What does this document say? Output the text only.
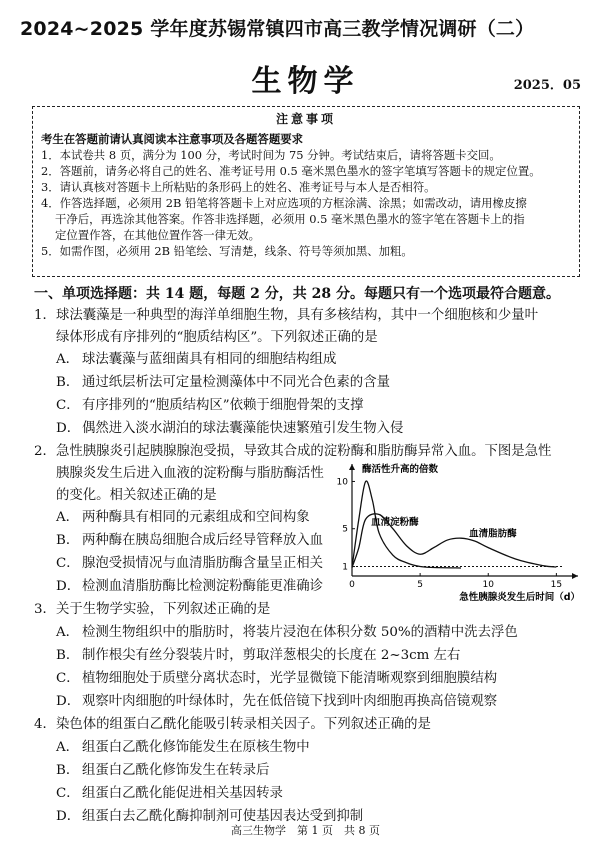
2024~2025 学年度苏锡常镇四市高三教学情况调研（二）
生物学	2025．05
注意事项
考生在答题前请认真阅读本注意事项及各题答题要求
1．本试卷共 8 页，满分为 100 分，考试时间为 75 分钟。考试结束后，请将答题卡交回。
2．答题前，请务必将自己的姓名、准考证号用 0.5 毫米黑色墨水的签字笔填写答题卡的规定位置。
3．请认真核对答题卡上所粘贴的条形码上的姓名、准考证号与本人是否相符。
4．作答选择题，必须用 2B 铅笔将答题卡上对应选项的方框涂满、涂黑；如需改动，请用橡皮擦
干净后，再选涂其他答案。作答非选择题，必须用 0.5 毫米黑色墨水的签字笔在答题卡上的指
定位置作答，在其他位置作答一律无效。
5．如需作图，必须用 2B 铅笔绘、写清楚，线条、符号等须加黑、加粗。
一、单项选择题：共 14 题，每题 2 分，共 28 分。每题只有一个选项最符合题意。
1．球法囊藻是一种典型的海洋单细胞生物，具有多核结构，其中一个细胞核和少量叶
绿体形成有序排列的“胞质结构区”。下列叙述正确的是
A． 球法囊藻与蓝细菌具有相同的细胞结构组成
B． 通过纸层析法可定量检测藻体中不同光合色素的含量
C． 有序排列的“胞质结构区”依赖于细胞骨架的支撑
D． 偶然进入淡水湖泊的球法囊藻能快速繁殖引发生物入侵
2．急性胰腺炎引起胰腺腺泡受损，导致其合成的淀粉酶和脂肪酶异常入血。下图是急性
胰腺炎发生后进入血液的淀粉酶与脂肪酶活性
的变化。相关叙述正确的是
A． 两种酶具有相同的元素组成和空间构象
B． 两种酶在胰岛细胞合成后经导管释放入血
C． 腺泡受损情况与血清脂肪酶含量呈正相关
D． 检测血清脂肪酶比检测淀粉酶能更准确诊	0	5	10	15
1
5
10
酶活性升高的倍数
急性胰腺炎发生后时间（d）
血清淀粉酶
血清脂肪酶
3．关于生物学实验，下列叙述正确的是
A． 检测生物组织中的脂肪时，将装片浸泡在体积分数 50%的酒精中洗去浮色
B． 制作根尖有丝分裂装片时，剪取洋葱根尖的长度在 2~3cm 左右
C． 植物细胞处于质壁分离状态时，光学显微镜下能清晰观察到细胞膜结构
D． 观察叶肉细胞的叶绿体时，先在低倍镜下找到叶肉细胞再换高倍镜观察
4．染色体的组蛋白乙酰化能吸引转录相关因子。下列叙述正确的是
A． 组蛋白乙酰化修饰能发生在原核生物中
B． 组蛋白乙酰化修饰发生在转录后
C． 组蛋白乙酰化能促进相关基因转录
D． 组蛋白去乙酰化酶抑制剂可使基因表达受到抑制
高三生物学　第 1 页　共 8 页
